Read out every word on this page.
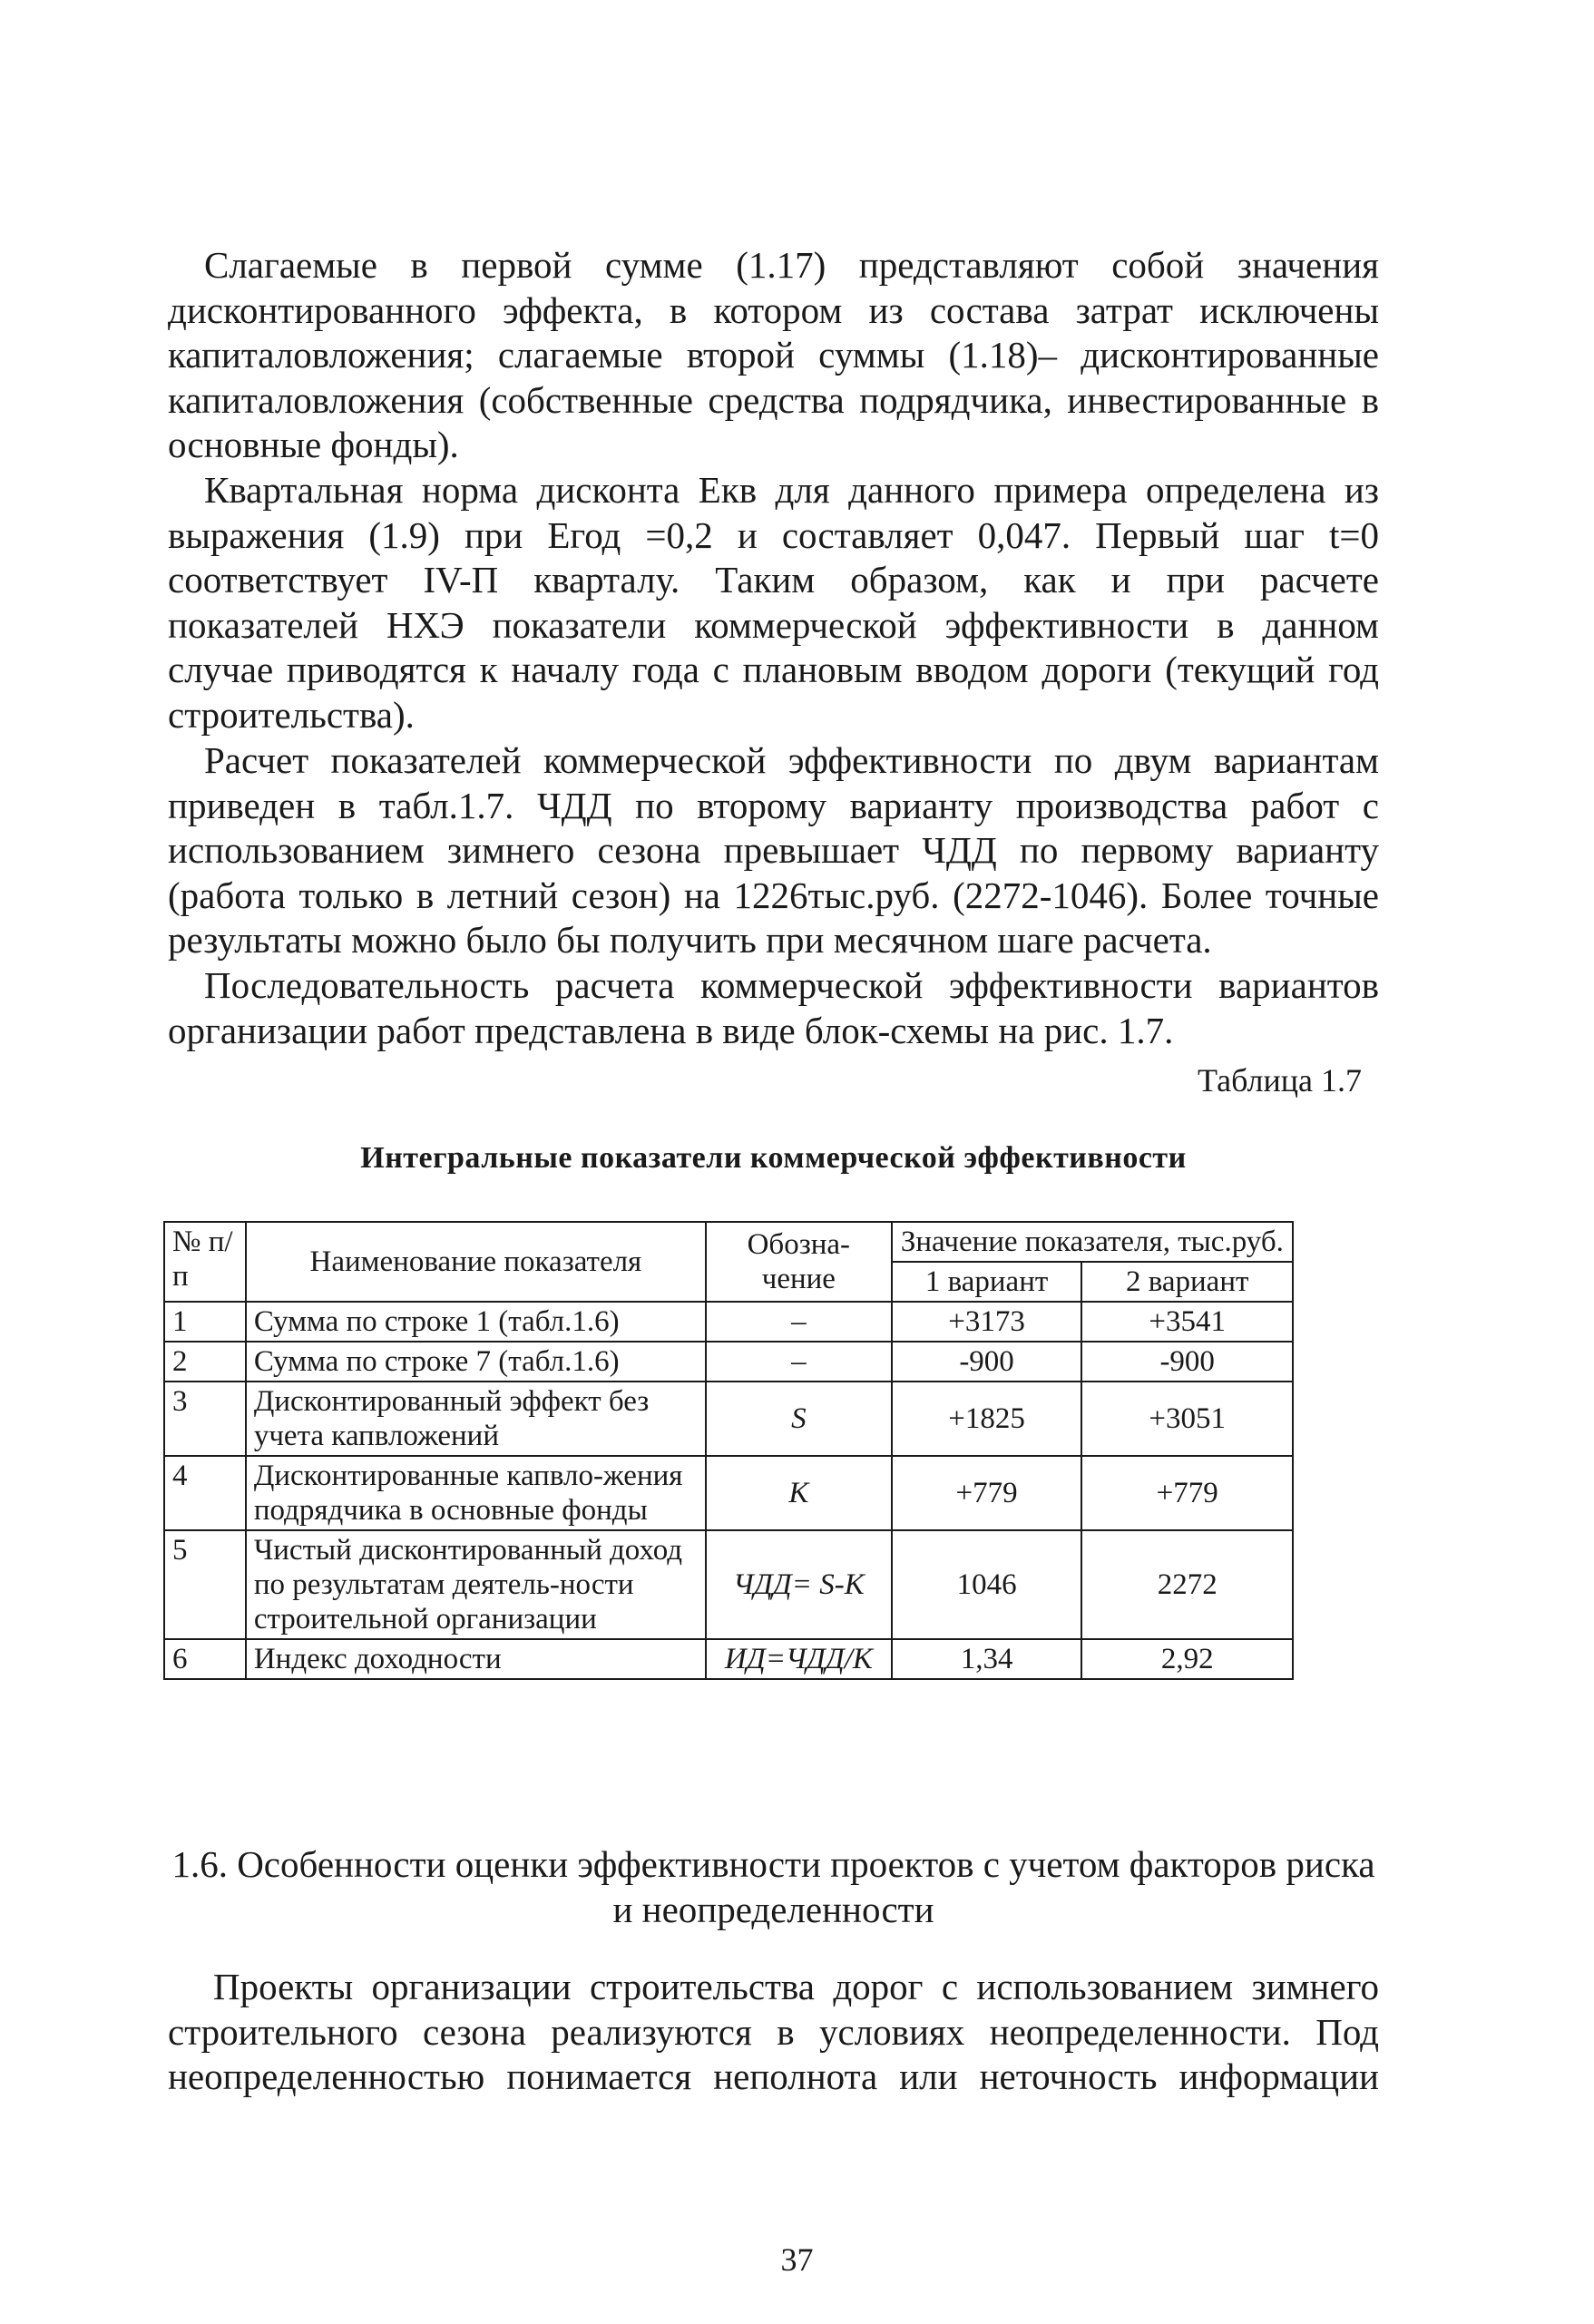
Слагаемые в первой сумме (1.17) представляют собой значения
дисконтированного эффекта, в котором из состава затрат исключены
капиталовложения; слагаемые второй суммы (1.18)– дисконтированные
капиталовложения (собственные средства подрядчика, инвестированные в
основные фонды).
Квартальная норма дисконта Eкв для данного примера определена из
выражения (1.9) при Eгод =0,2 и составляет 0,047. Первый шаг t=0
соответствует IV-П кварталу. Таким образом, как и при расчете
показателей НХЭ показатели коммерческой эффективности в данном
случае приводятся к началу года с плановым вводом дороги (текущий год
строительства).
Расчет показателей коммерческой эффективности по двум вариантам
приведен в табл.1.7. ЧДД по второму варианту производства работ с
использованием зимнего сезона превышает ЧДД по первому варианту
(работа только в летний сезон) на 1226тыс.руб. (2272-1046). Более точные
результаты можно было бы получить при месячном шаге расчета.
Последовательность расчета коммерческой эффективности вариантов
организации работ представлена в виде блок-схемы на рис. 1.7.
Таблица 1.7
Интегральные показатели коммерческой эффективности
№ п/п	Наименование показателя	Обозна-чение	Значение показателя, тыс.руб.	
			1 вариант	2 вариант
1	Сумма по строке 1 (табл.1.6)	–	+3173	+3541
2	Сумма по строке 7 (табл.1.6)	–	-900	-900
3	Дисконтированный эффект без учета капвложений	S	+1825	+3051
4	Дисконтированные капвло-жения подрядчика в основные фонды	K	+779	+779
5	Чистый дисконтированный доход по результатам деятель-ности строительной организации	ЧДД= S-K	1046	2272
6	Индекс доходности	ИД=ЧДД/К	1,34	2,92
1.6. Особенности оценки эффективности проектов с учетом факторов риска и неопределенности
Проекты организации строительства дорог с использованием зимнего
строительного сезона реализуются в условиях неопределенности. Под
неопределенностью понимается неполнота или неточность информации
37
